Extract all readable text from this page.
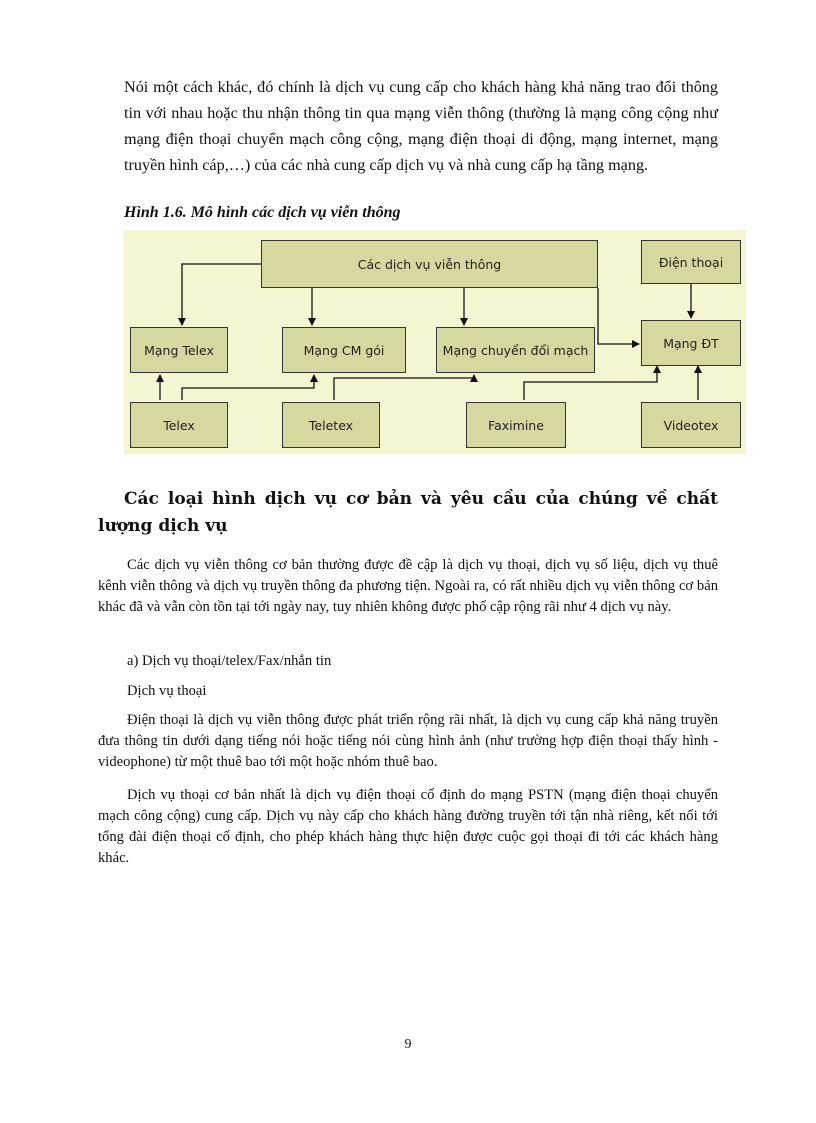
Nói một cách khác, đó chính là dịch vụ cung cấp cho khách hàng khả năng trao đổi thông tin với nhau hoặc thu nhận thông tin qua mạng viễn thông (thường là mạng công cộng như mạng điện thoại chuyển mạch công cộng, mạng điện thoại di động, mạng internet, mạng truyền hình cáp,…) của các nhà cung cấp dịch vụ và nhà cung cấp hạ tầng mạng.

Hình 1.6. Mô hình các dịch vụ viễn thông

Các dịch vụ viễn thông	Điện thoại
Mạng Telex	Mạng CM gói	Mạng chuyển đổi mạch	Mạng ĐT
Telex	Teletex	Faximine	Videotex
Các loại hình dịch vụ cơ bản và yêu cầu của chúng về chất lượng dịch vụ

Các dịch vụ viễn thông cơ bản thường được đề cập là dịch vụ thoại, dịch vụ số liệu, dịch vụ thuê kênh viễn thông và dịch vụ truyền thông đa phương tiện. Ngoài ra, có rất nhiều dịch vụ viễn thông cơ bản khác đã và vẫn còn tồn tại tới ngày nay, tuy nhiên không được phổ cập rộng rãi như 4 dịch vụ này.

a) Dịch vụ thoại/telex/Fax/nhắn tin

Dịch vụ thoại

Điện thoại là dịch vụ viễn thông được phát triển rộng rãi nhất, là dịch vụ cung cấp khả năng truyền đưa thông tin dưới dạng tiếng nói hoặc tiếng nói cùng hình ảnh (như trường hợp điện thoại thấy hình - videophone) từ một thuê bao tới một hoặc nhóm thuê bao.

Dịch vụ thoại cơ bản nhất là dịch vụ điện thoại cố định do mạng PSTN (mạng điện thoại chuyển mạch công cộng) cung cấp. Dịch vụ này cấp cho khách hàng đường truyền tới tận nhà riêng, kết nối tới tổng đài điện thoại cố định, cho phép khách hàng thực hiện được cuộc gọi thoại đi tới các khách hàng khác.

9
